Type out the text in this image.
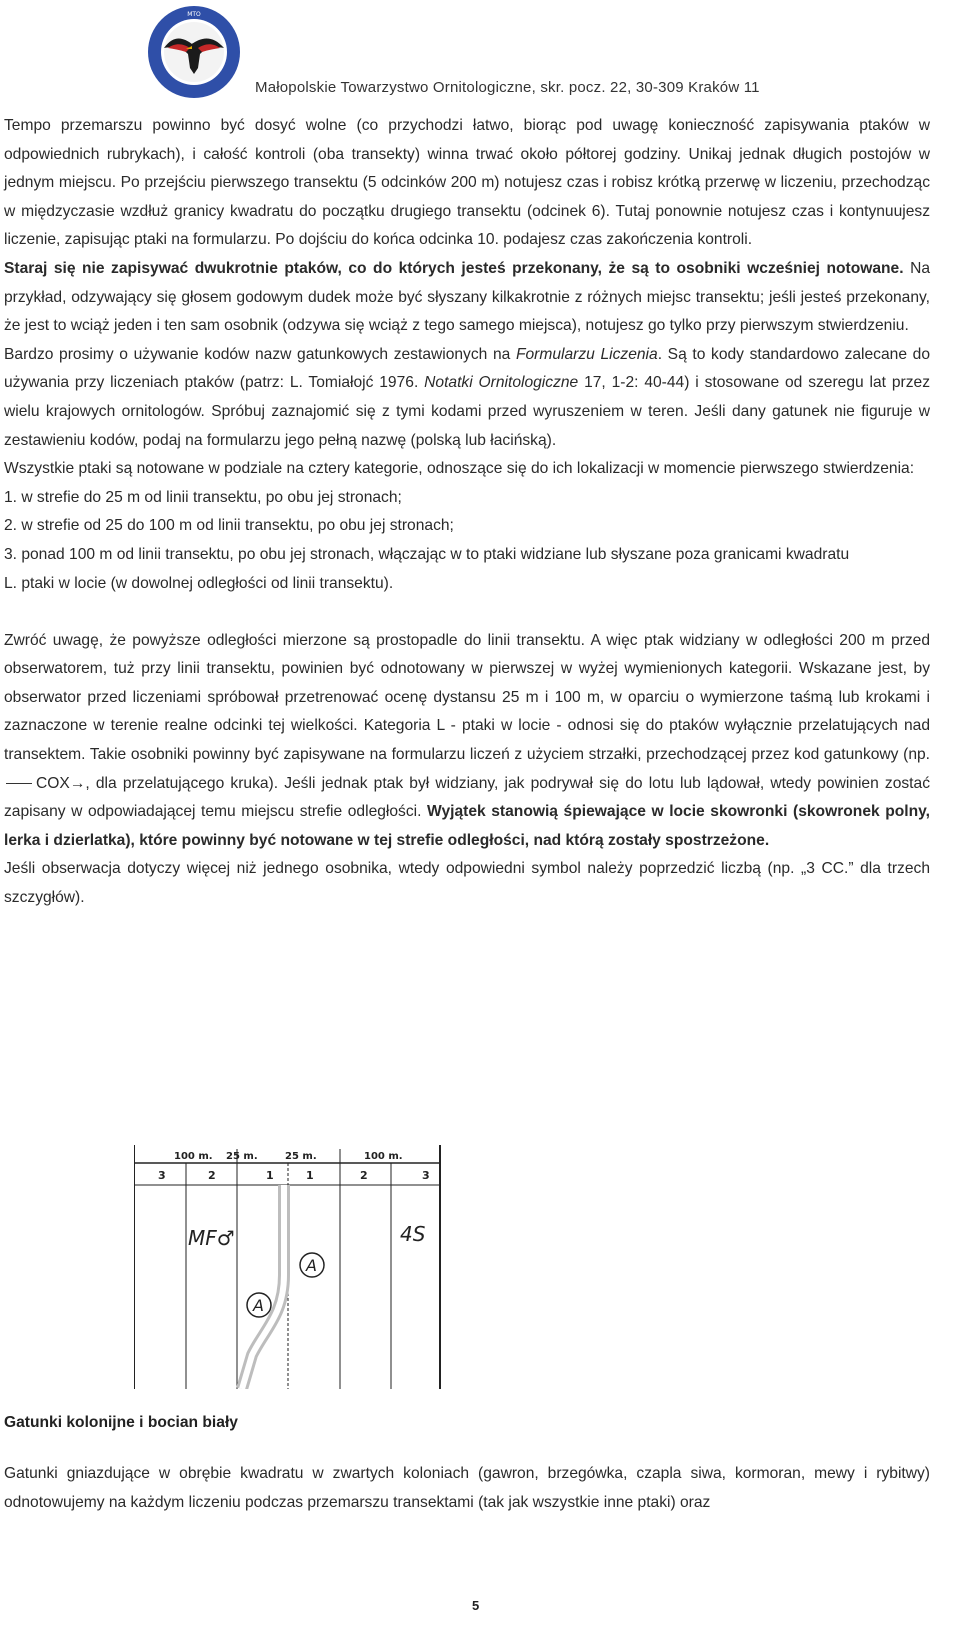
MTO
Małopolskie Towarzystwo Ornitologiczne, skr. pocz. 22, 30-309 Kraków 11

Tempo przemarszu powinno być dosyć wolne (co przychodzi łatwo, biorąc pod uwagę konieczność zapisywania ptaków w odpowiednich rubrykach), i całość kontroli (oba transekty) winna trwać około półtorej godziny. Unikaj jednak długich postojów w jednym miejscu. Po przejściu pierwszego transektu (5 odcinków 200 m) notujesz czas i robisz krótką przerwę w liczeniu, przechodząc w międzyczasie wzdłuż granicy kwadratu do początku drugiego transektu (odcinek 6). Tutaj ponownie notujesz czas i kontynuujesz liczenie, zapisując ptaki na formularzu. Po dojściu do końca odcinka 10. podajesz czas zakończenia kontroli.

Staraj się nie zapisywać dwukrotnie ptaków, co do których jesteś przekonany, że są to osobniki wcześniej notowane. Na przykład, odzywający się głosem godowym dudek może być słyszany kilkakrotnie z różnych miejsc transektu; jeśli jesteś przekonany, że jest to wciąż jeden i ten sam osobnik (odzywa się wciąż z tego samego miejsca), notujesz go tylko przy pierwszym stwierdzeniu.

Bardzo prosimy o używanie kodów nazw gatunkowych zestawionych na Formularzu Liczenia. Są to kody standardowo zalecane do używania przy liczeniach ptaków (patrz: L. Tomiałojć 1976. Notatki Ornitologiczne 17, 1-2: 40-44) i stosowane od szeregu lat przez wielu krajowych ornitologów. Spróbuj zaznajomić się z tymi kodami przed wyruszeniem w teren. Jeśli dany gatunek nie figuruje w zestawieniu kodów, podaj na formularzu jego pełną nazwę (polską lub łacińską).

Wszystkie ptaki są notowane w podziale na cztery kategorie, odnoszące się do ich lokalizacji w momencie pierwszego stwierdzenia:

1. w strefie do 25 m od linii transektu, po obu jej stronach;

2. w strefie od 25 do 100 m od linii transektu, po obu jej stronach;

3. ponad 100 m od linii transektu, po obu jej stronach, włączając w to ptaki widziane lub słyszane poza granicami kwadratu

L. ptaki w locie (w dowolnej odległości od linii transektu).

Zwróć uwagę, że powyższe odległości mierzone są prostopadle do linii transektu. A więc ptak widziany w odległości 200 m przed obserwatorem, tuż przy linii transektu, powinien być odnotowany w pierwszej w wyżej wymienionych kategorii. Wskazane jest, by obserwator przed liczeniami spróbował przetrenować ocenę dystansu 25 m i 100 m, w oparciu o wymierzone taśmą lub krokami i zaznaczone w terenie realne odcinki tej wielkości. Kategoria L - ptaki w locie - odnosi się do ptaków wyłącznie przelatujących nad transektem. Takie osobniki powinny być zapisywane na formularzu liczeń z użyciem strzałki, przechodzącej przez kod gatunkowy (np. COX→, dla przelatującego kruka). Jeśli jednak ptak był widziany, jak podrywał się do lotu lub lądował, wtedy powinien zostać zapisany w odpowiadającej temu miejscu strefie odległości. Wyjątek stanowią śpiewające w locie skowronki (skowronek polny, lerka i dzierlatka), które powinny być notowane w tej strefie odległości, nad którą zostały spostrzeżone.

Jeśli obserwacja dotyczy więcej niż jednego osobnika, wtedy odpowiedni symbol należy poprzedzić liczbą (np. „3 CC.” dla trzech szczygłów).

100 m. 25 m.	25 m.	100 m.
3	2	1	1	2	3
MF♂	4S
A
A
Gatunki kolonijne i bocian biały
Gatunki gniazdujące w obrębie kwadratu w zwartych koloniach (gawron, brzegówka, czapla siwa, kormoran, mewy i rybitwy) odnotowujemy na każdym liczeniu podczas przemarszu transektami (tak jak wszystkie inne ptaki) oraz
5
